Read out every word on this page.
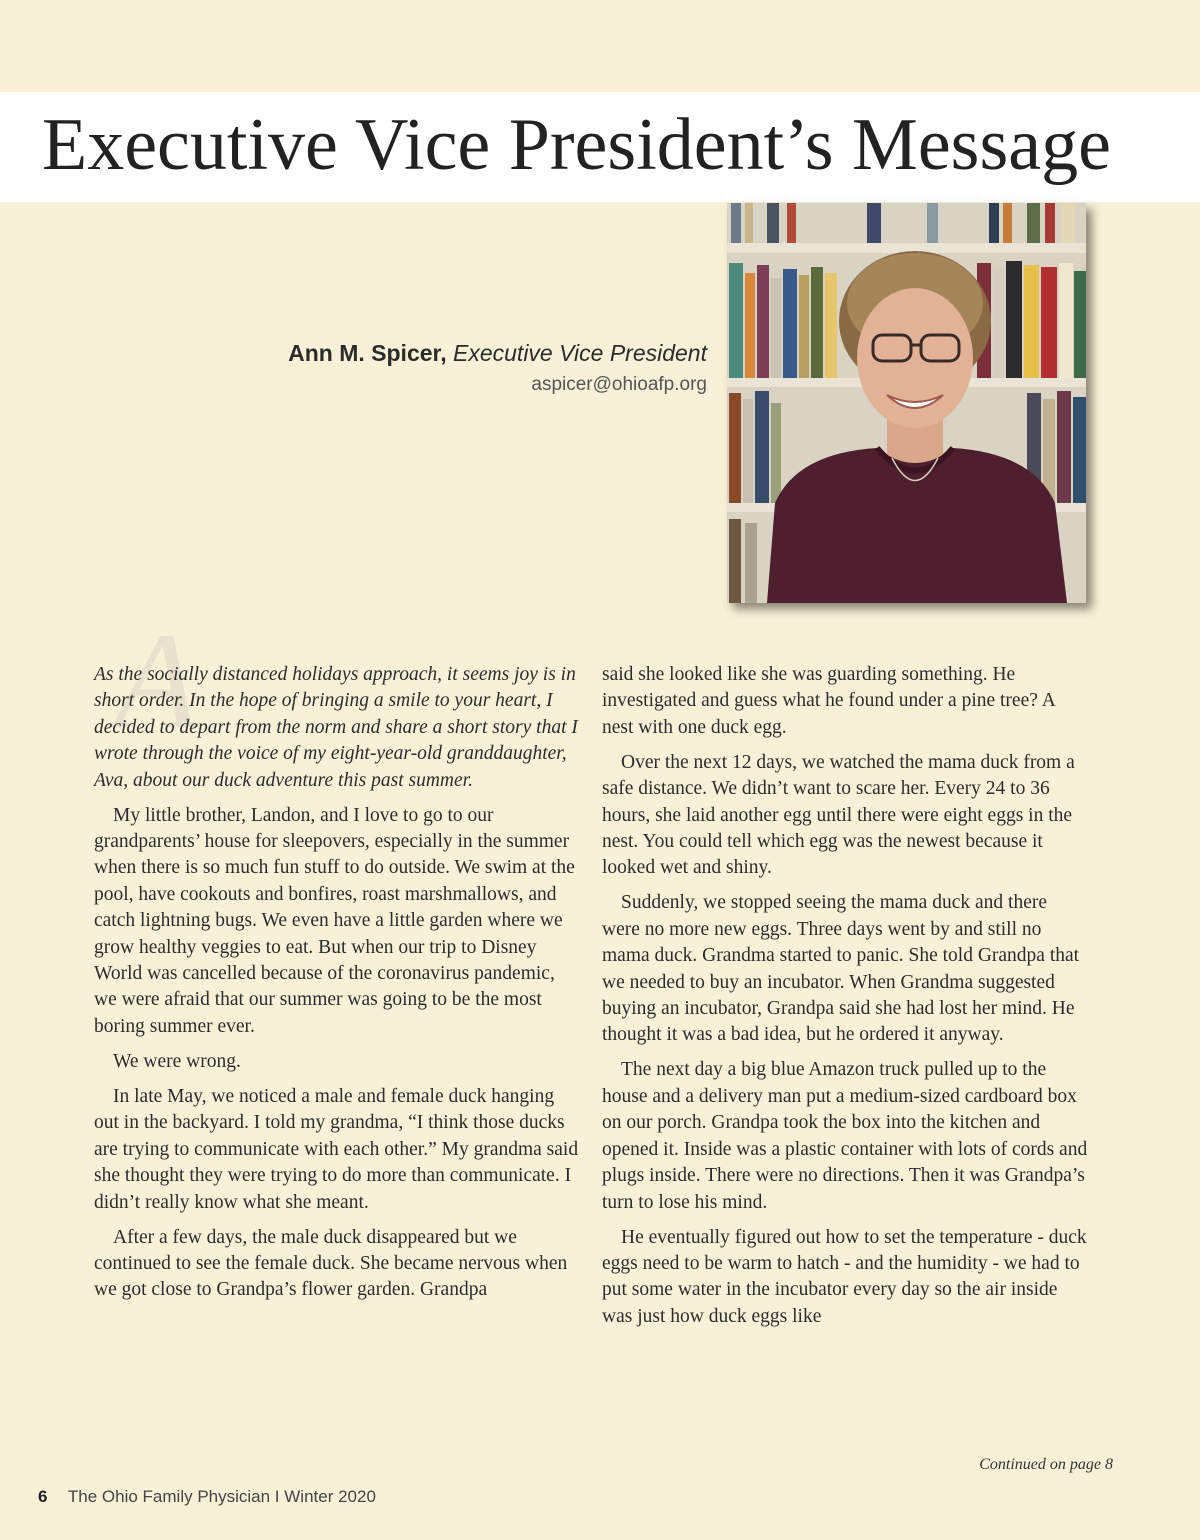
Executive Vice President’s Message
Ann M. Spicer, Executive Vice President
aspicer@ohioafp.org
A

As the socially distanced holidays approach, it seems joy is in short order. In the hope of bringing a smile to your heart, I decided to depart from the norm and share a short story that I wrote through the voice of my eight-year-old granddaughter, Ava, about our duck adventure this past summer.

My little brother, Landon, and I love to go to our grandparents’ house for sleepovers, especially in the summer when there is so much fun stuff to do outside. We swim at the pool, have cookouts and bonfires, roast marshmallows, and catch lightning bugs. We even have a little garden where we grow healthy veggies to eat. But when our trip to Disney World was cancelled because of the coronavirus pandemic, we were afraid that our summer was going to be the most boring summer ever.

We were wrong.

In late May, we noticed a male and female duck hanging out in the backyard. I told my grandma, “I think those ducks are trying to communicate with each other.” My grandma said she thought they were trying to do more than communicate. I didn’t really know what she meant.

After a few days, the male duck disappeared but we continued to see the female duck. She became nervous when we got close to Grandpa’s flower garden. Grandpa

said she looked like she was guarding something. He investigated and guess what he found under a pine tree? A nest with one duck egg.

Over the next 12 days, we watched the mama duck from a safe distance. We didn’t want to scare her. Every 24 to 36 hours, she laid another egg until there were eight eggs in the nest. You could tell which egg was the newest because it looked wet and shiny.

Suddenly, we stopped seeing the mama duck and there were no more new eggs. Three days went by and still no mama duck. Grandma started to panic. She told Grandpa that we needed to buy an incubator. When Grandma suggested buying an incubator, Grandpa said she had lost her mind. He thought it was a bad idea, but he ordered it anyway.

The next day a big blue Amazon truck pulled up to the house and a delivery man put a medium-sized cardboard box on our porch. Grandpa took the box into the kitchen and opened it. Inside was a plastic container with lots of cords and plugs inside. There were no directions. Then it was Grandpa’s turn to lose his mind.

He eventually figured out how to set the temperature - duck eggs need to be warm to hatch - and the humidity - we had to put some water in the incubator every day so the air inside was just how duck eggs like

Continued on page 8
6 The Ohio Family Physician I Winter 2020
